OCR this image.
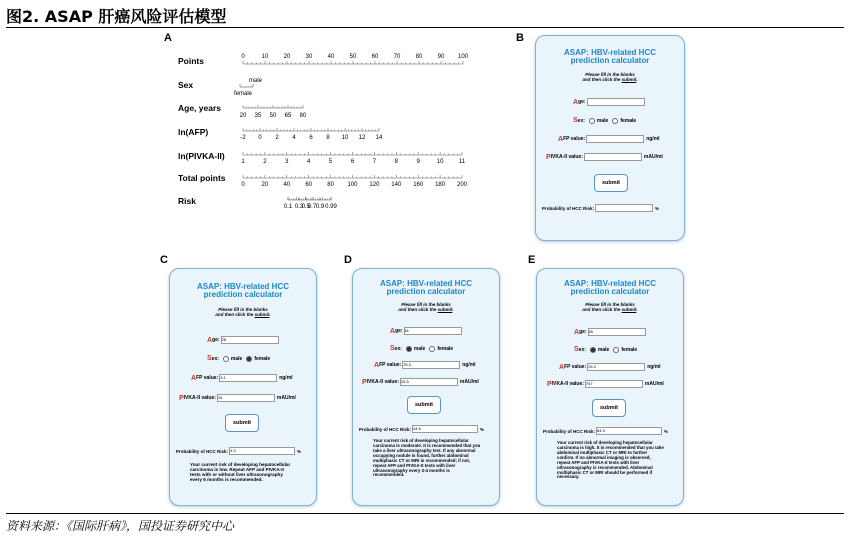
图2. ASAP 肝癌风险评估模型
资料来源：《国际肝病》，国投证券研究中心
A	B
C	D	E
0	10	20	30	40	50	60	70	80	90 100
male
female
20 35 50 65 80
-2 0 2 4 6 8 10 12 14
1	2	3	4	5	6	7	8	9	10	11
0	20	40	60	80 100 120 140 160 180 200
0.1 0.3
0.5
0.7 0.9 0.99
Points
Sex
Age, years
ln(AFP)
ln(PIVKA-II)
Total points
Risk
ASAP: HBV-related HCC
prediction calculator
Please fill in the blanks
and then click the submit.
A ge:
S ex: male female
A FP value:	ng/ml
P IVKA-II value:	mAU/ml
submit
Probability of HCC Risk:	%
ASAP: HBV-related HCC
prediction calculator
Please fill in the blanks
and then click the submit.
A ge: 28
S ex: male female
A FP value: 3.1	ng/ml
P IVKA-II value: 15	mAU/ml
submit
Probability of HCC Risk: 4.3	%
Your current risk of developing hepatocellular carcinoma is low. Repeat AFP and PIVKA-II tests with or without liver ultrasonography every 6 months is recommended.
ASAP: HBV-related HCC
prediction calculator
Please fill in the blanks
and then click the submit.
A ge: 61
S ex: male female
A FP value: 25.2	ng/ml
P IVKA-II value: 25.5	mAU/ml
submit
Probability of HCC Risk: 44.6	%
Your current risk of developing hepatocellular carcinoma is moderate. It is recommended that you take a liver ultrasonography test. If any abnormal occupying nodule is found, further abdominal multiphasic CT or MRI is recommended; if not, repeat AFP and PIVKA-II tests with liver ultrasonography every 3-4 months is recommended.
ASAP: HBV-related HCC
prediction calculator
Please fill in the blanks
and then click the submit.
A ge: 69
S ex: male female
A FP value: 25.2	ng/ml
P IVKA-II value: 767	mAU/ml
submit
Probability of HCC Risk: 84.0	%
Your current risk of developing hepatocellular carcinoma is high. It is recommended that you take abdominal multiphasic CT or MRI to further confirm. If no abnormal imaging is observed, repeat AFP and PIVKA-II tests with liver ultrasonography is recommended. Abdominal multiphasic CT or MRI should be performed if necessary.
